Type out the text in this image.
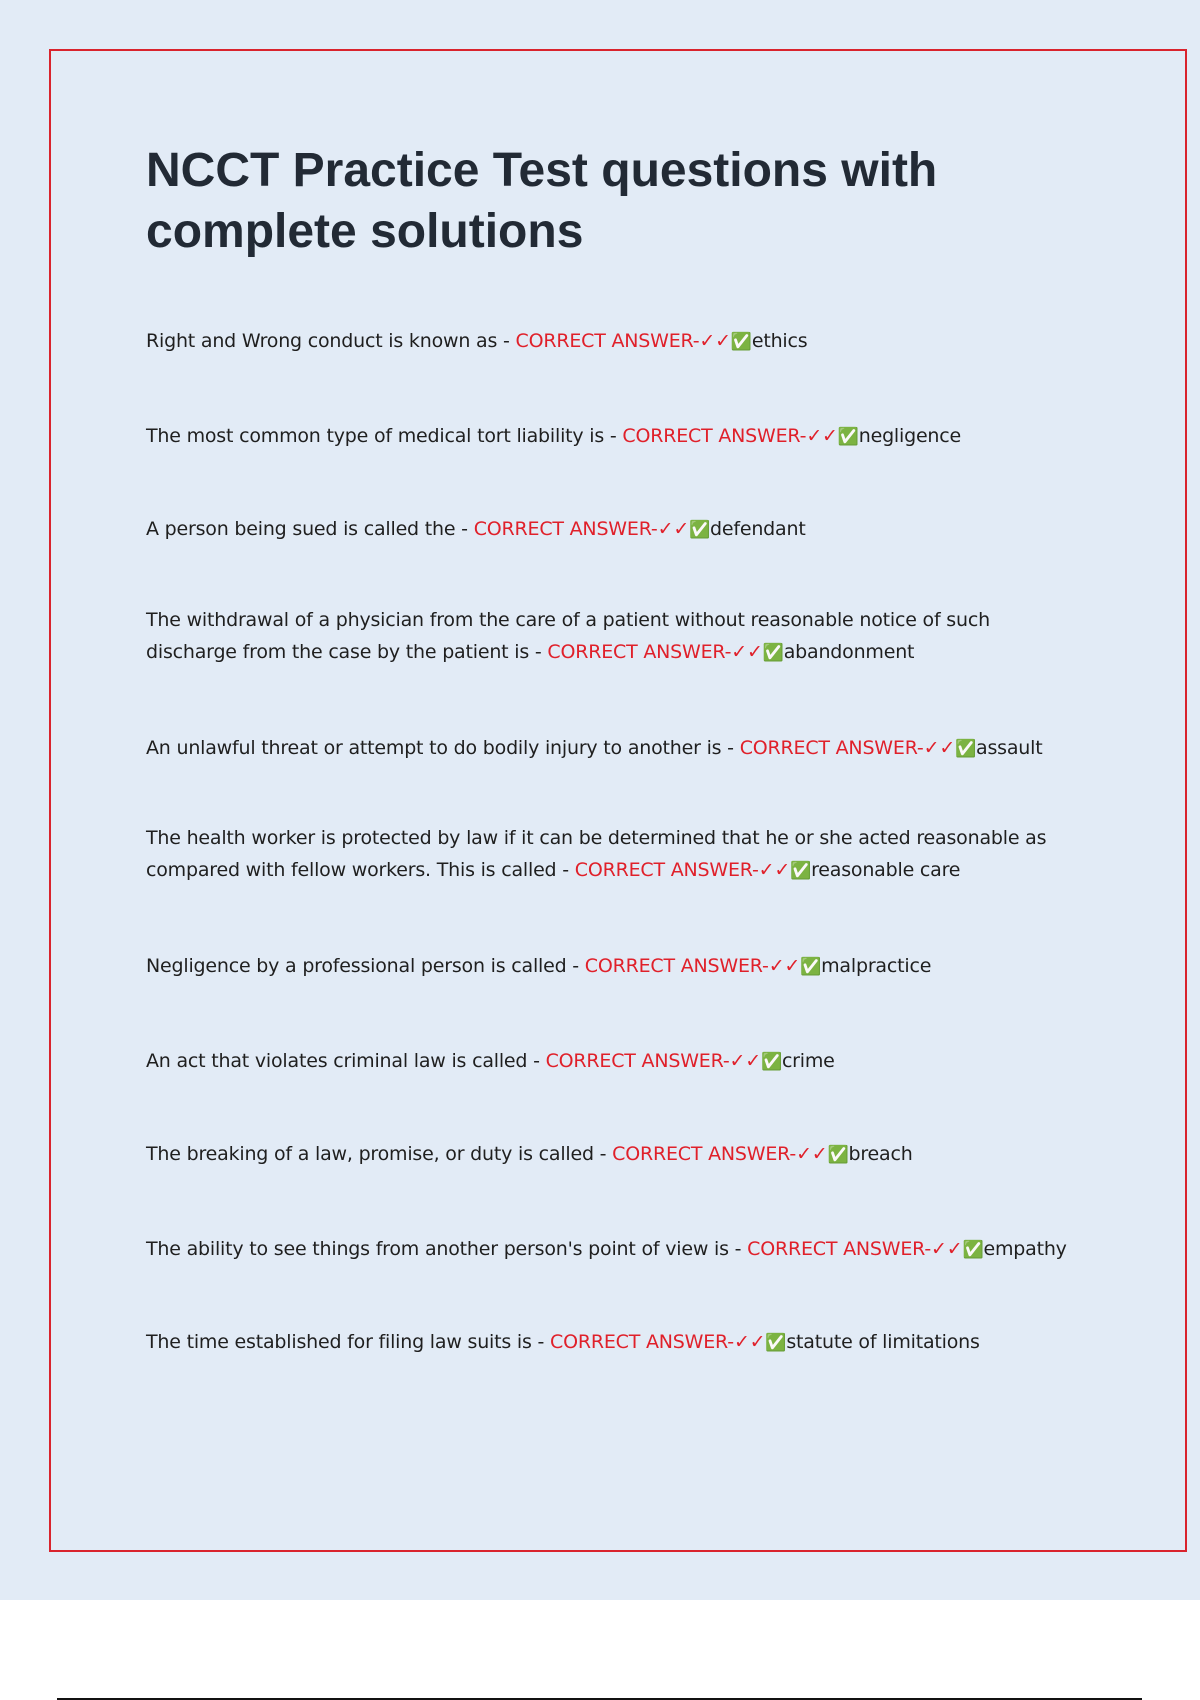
NCCT Practice Test questions with complete solutions
Right and Wrong conduct is known as - CORRECT ANSWER-✓✓✅ethics
The most common type of medical tort liability is - CORRECT ANSWER-✓✓✅negligence
A person being sued is called the - CORRECT ANSWER-✓✓✅defendant
The withdrawal of a physician from the care of a patient without reasonable notice of such discharge from the case by the patient is - CORRECT ANSWER-✓✓✅abandonment
An unlawful threat or attempt to do bodily injury to another is - CORRECT ANSWER-✓✓✅assault
The health worker is protected by law if it can be determined that he or she acted reasonable as compared with fellow workers. This is called - CORRECT ANSWER-✓✓✅reasonable care
Negligence by a professional person is called - CORRECT ANSWER-✓✓✅malpractice
An act that violates criminal law is called - CORRECT ANSWER-✓✓✅crime
The breaking of a law, promise, or duty is called - CORRECT ANSWER-✓✓✅breach
The ability to see things from another person's point of view is - CORRECT ANSWER-✓✓✅empathy
The time established for filing law suits is - CORRECT ANSWER-✓✓✅statute of limitations
